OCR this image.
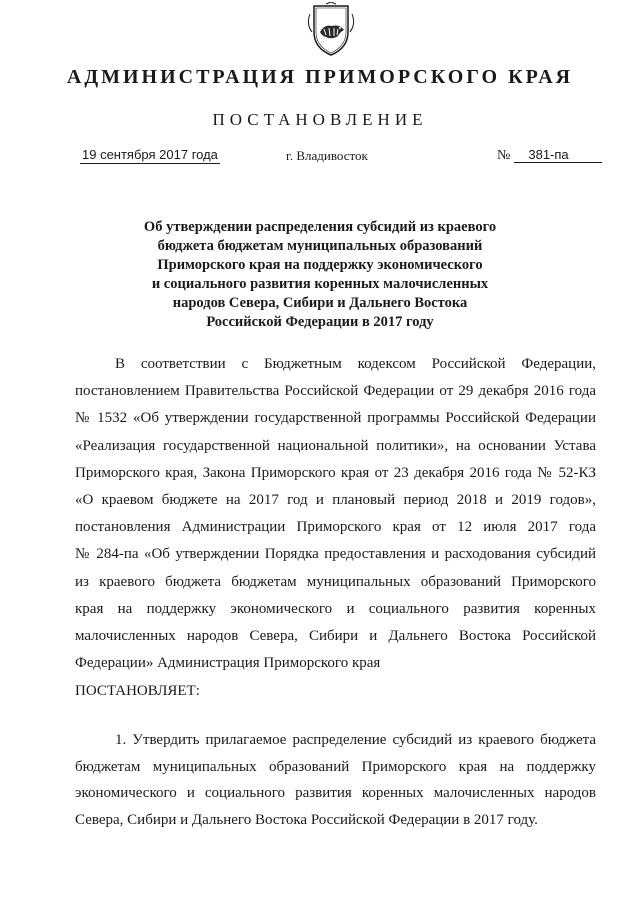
АДМИНИСТРАЦИЯ ПРИМОРСКОГО КРАЯ
ПОСТАНОВЛЕНИЕ
19 сентября 2017 года	г. Владивосток	№ 381-па
Об утверждении распределения субсидий из краевого
бюджета бюджетам муниципальных образований
Приморского края на поддержку экономического
и социального развития коренных малочисленных
народов Севера, Сибири и Дальнего Востока
Российской Федерации в 2017 году
В соответствии с Бюджетным кодексом Российской Федерации,
постановлением Правительства Российской Федерации от 29 декабря 2016 года
№ 1532 «Об утверждении государственной программы Российской Федерации
«Реализация государственной национальной политики», на основании Устава
Приморского края, Закона Приморского края от 23 декабря 2016 года № 52-КЗ
«О краевом бюджете на 2017 год и плановый период 2018 и 2019 годов»,
постановления Администрации Приморского края от 12 июля 2017 года
№ 284-па «Об утверждении Порядка предоставления и расходования субсидий
из краевого бюджета бюджетам муниципальных образований Приморского
края на поддержку экономического и социального развития коренных
малочисленных народов Севера, Сибири и Дальнего Востока Российской
Федерации» Администрация Приморского края
ПОСТАНОВЛЯЕТ:
1. Утвердить прилагаемое распределение субсидий из краевого бюджета
бюджетам муниципальных образований Приморского края на поддержку
экономического и социального развития коренных малочисленных народов
Севера, Сибири и Дальнего Востока Российской Федерации в 2017 году.
